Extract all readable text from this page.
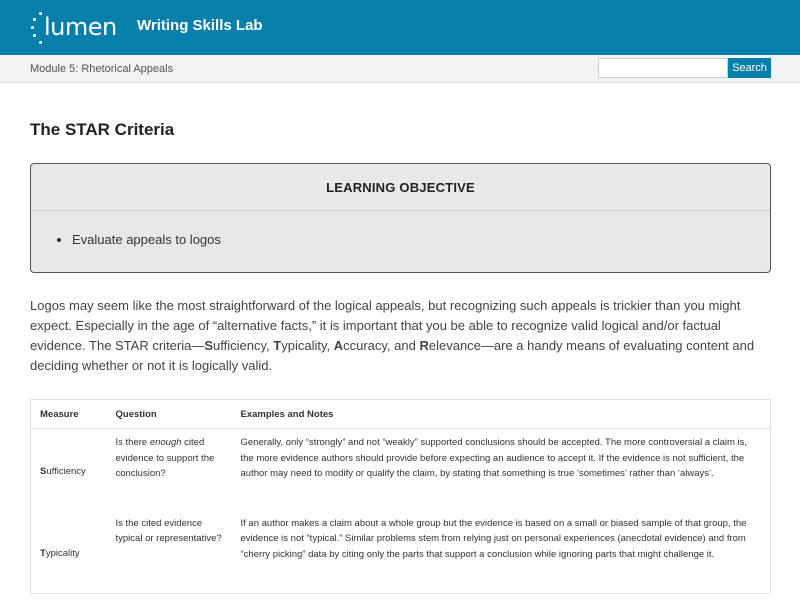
lumen Writing Skills Lab
Module 5: Rhetorical Appeals	Search
The STAR Criteria
LEARNING OBJECTIVE
• Evaluate appeals to logos

Logos may seem like the most straightforward of the logical appeals, but recognizing such appeals is trickier than you might expect. Especially in the age of “alternative facts,” it is important that you be able to recognize valid logical and/or factual evidence. The STAR criteria—Sufficiency, Typicality, Accuracy, and Relevance—are a handy means of evaluating content and deciding whether or not it is logically valid.

Measure	Question	Examples and Notes
Sufficiency	Is there enough cited evidence to support the conclusion?	Generally, only “strongly” and not “weakly” supported conclusions should be accepted. The more controversial a claim is, the more evidence authors should provide before expecting an audience to accept it. If the evidence is not sufficient, the author may need to modify or qualify the claim, by stating that something is true ‘sometimes’ rather than ‘always’.
Typicality	Is the cited evidence typical or representative?	If an author makes a claim about a whole group but the evidence is based on a small or biased sample of that group, the evidence is not “typical.” Similar problems stem from relying just on personal experiences (anecdotal evidence) and from “cherry picking” data by citing only the parts that support a conclusion while ignoring parts that might challenge it.
